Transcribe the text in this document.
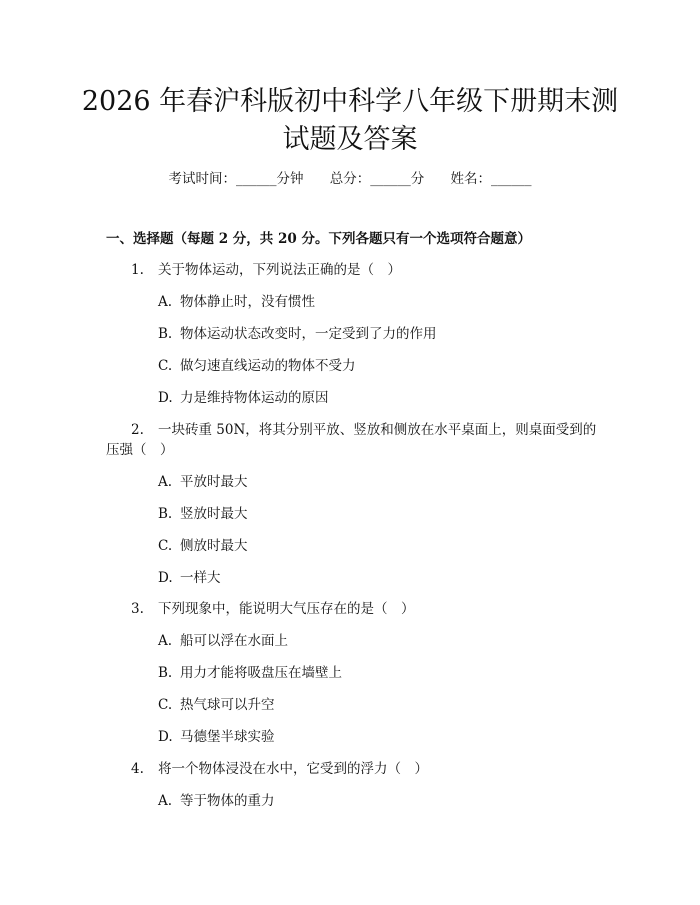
2026 年春沪科版初中科学八年级下册期末测
试题及答案
考试时间：______分钟 总分：______分 姓名：______
一、选择题（每题 2 分，共 20 分。下列各题只有一个选项符合题意）
1.	关于物体运动，下列说法正确的是（　）
A. 物体静止时，没有惯性
B. 物体运动状态改变时，一定受到了力的作用
C. 做匀速直线运动的物体不受力
D. 力是维持物体运动的原因
2.	一块砖重 50N，将其分别平放、竖放和侧放在水平桌面上，则桌面受到的
压强（　）
A. 平放时最大
B. 竖放时最大
C. 侧放时最大
D. 一样大
3.	下列现象中，能说明大气压存在的是（　）
A. 船可以浮在水面上
B. 用力才能将吸盘压在墙壁上
C. 热气球可以升空
D. 马德堡半球实验
4.	将一个物体浸没在水中，它受到的浮力（　）
A. 等于物体的重力
